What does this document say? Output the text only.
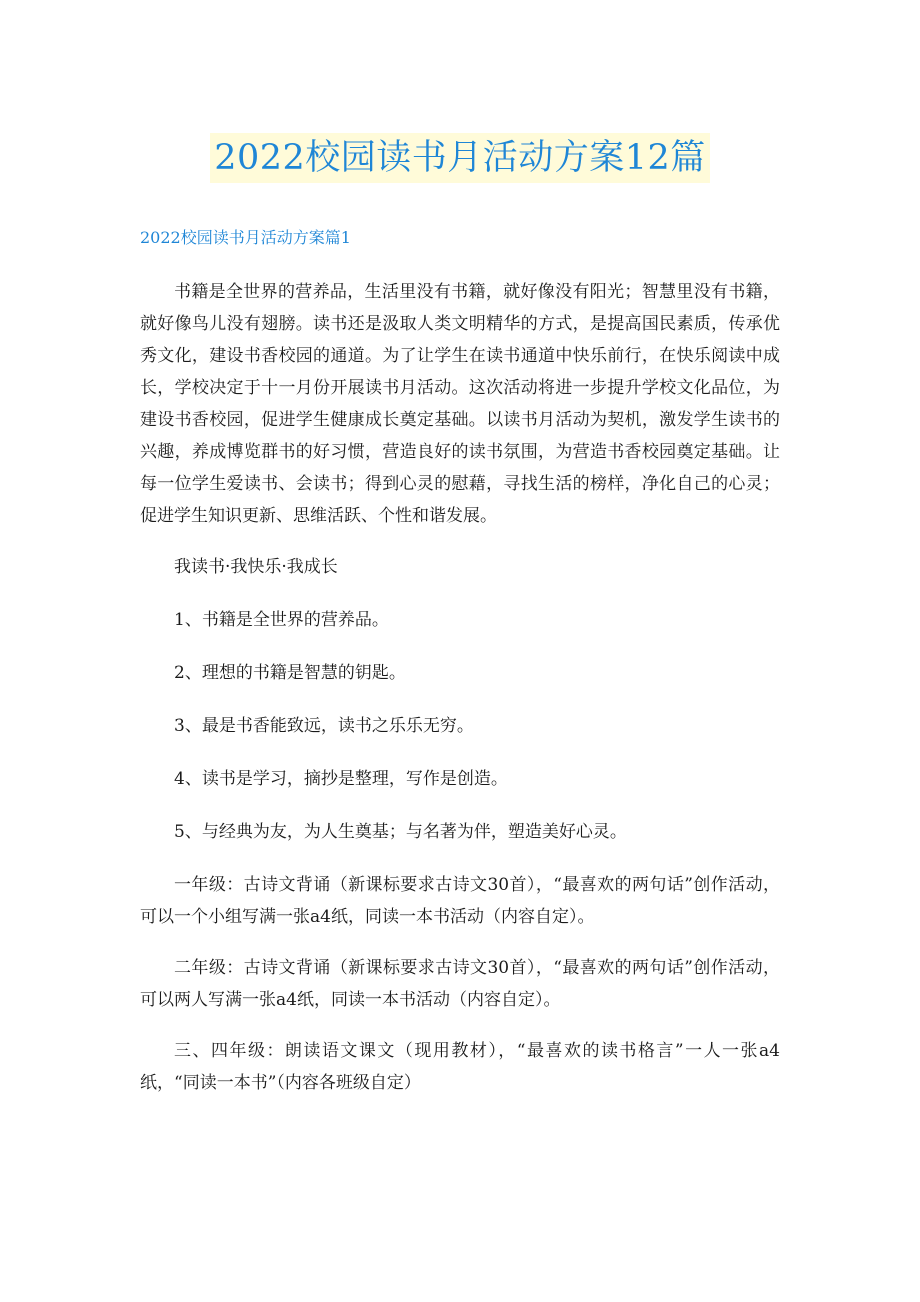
2022校园读书月活动方案12篇
2022校园读书月活动方案篇1

书籍是全世界的营养品，生活里没有书籍，就好像没有阳光；智慧里没有书籍，就好像鸟儿没有翅膀。读书还是汲取人类文明精华的方式，是提高国民素质，传承优秀文化，建设书香校园的通道。为了让学生在读书通道中快乐前行，在快乐阅读中成长，学校决定于十一月份开展读书月活动。这次活动将进一步提升学校文化品位，为建设书香校园，促进学生健康成长奠定基础。以读书月活动为契机，激发学生读书的兴趣，养成博览群书的好习惯，营造良好的读书氛围，为营造书香校园奠定基础。让每一位学生爱读书、会读书；得到心灵的慰藉，寻找生活的榜样，净化自己的心灵；促进学生知识更新、思维活跃、个性和谐发展。

我读书·我快乐·我成长

1、书籍是全世界的营养品。

2、理想的书籍是智慧的钥匙。

3、最是书香能致远，读书之乐乐无穷。

4、读书是学习，摘抄是整理，写作是创造。

5、与经典为友，为人生奠基；与名著为伴，塑造美好心灵。

一年级：古诗文背诵（新课标要求古诗文30首），“最喜欢的两句话”创作活动，可以一个小组写满一张a4纸，同读一本书活动（内容自定）。

二年级：古诗文背诵（新课标要求古诗文30首），“最喜欢的两句话”创作活动，可以两人写满一张a4纸，同读一本书活动（内容自定）。

三、四年级：朗读语文课文（现用教材），“最喜欢的读书格言”一人一张a4纸，“同读一本书”（内容各班级自定）
